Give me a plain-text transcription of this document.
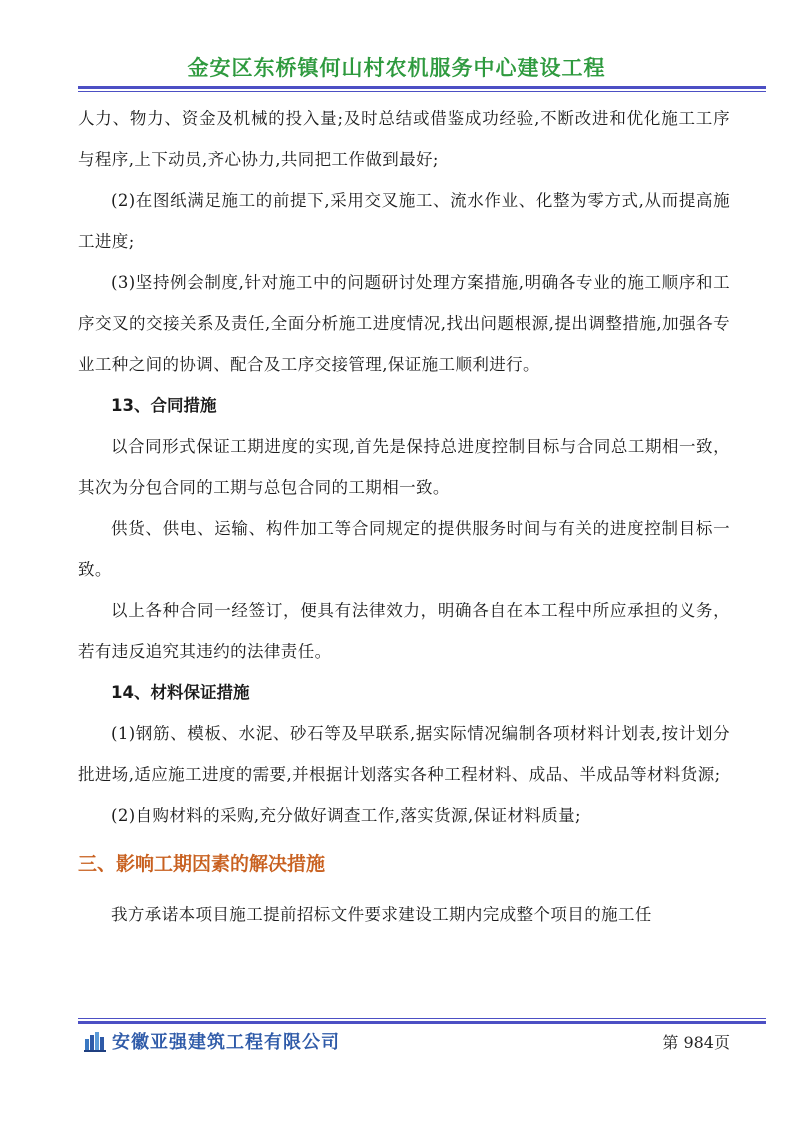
金安区东桥镇何山村农机服务中心建设工程

人力、物力、资金及机械的投入量;及时总结或借鉴成功经验,不断改进和优化施工工序与程序,上下动员,齐心协力,共同把工作做到最好;

(2)在图纸满足施工的前提下,采用交叉施工、流水作业、化整为零方式,从而提高施工进度;

(3)坚持例会制度,针对施工中的问题研讨处理方案措施,明确各专业的施工顺序和工序交叉的交接关系及责任,全面分析施工进度情况,找出问题根源,提出调整措施,加强各专业工种之间的协调、配合及工序交接管理,保证施工顺利进行。

13、合同措施

以合同形式保证工期进度的实现,首先是保持总进度控制目标与合同总工期相一致，其次为分包合同的工期与总包合同的工期相一致。

供货、供电、运输、构件加工等合同规定的提供服务时间与有关的进度控制目标一致。

以上各种合同一经签订，便具有法律效力，明确各自在本工程中所应承担的义务，若有违反追究其违约的法律责任。

14、材料保证措施

(1)钢筋、模板、水泥、砂石等及早联系,据实际情况编制各项材料计划表,按计划分批进场,适应施工进度的需要,并根据计划落实各种工程材料、成品、半成品等材料货源;

(2)自购材料的采购,充分做好调查工作,落实货源,保证材料质量;

三、影响工期因素的解决措施

我方承诺本项目施工提前招标文件要求建设工期内完成整个项目的施工任

安徽亚强建筑工程有限公司	第 984页
